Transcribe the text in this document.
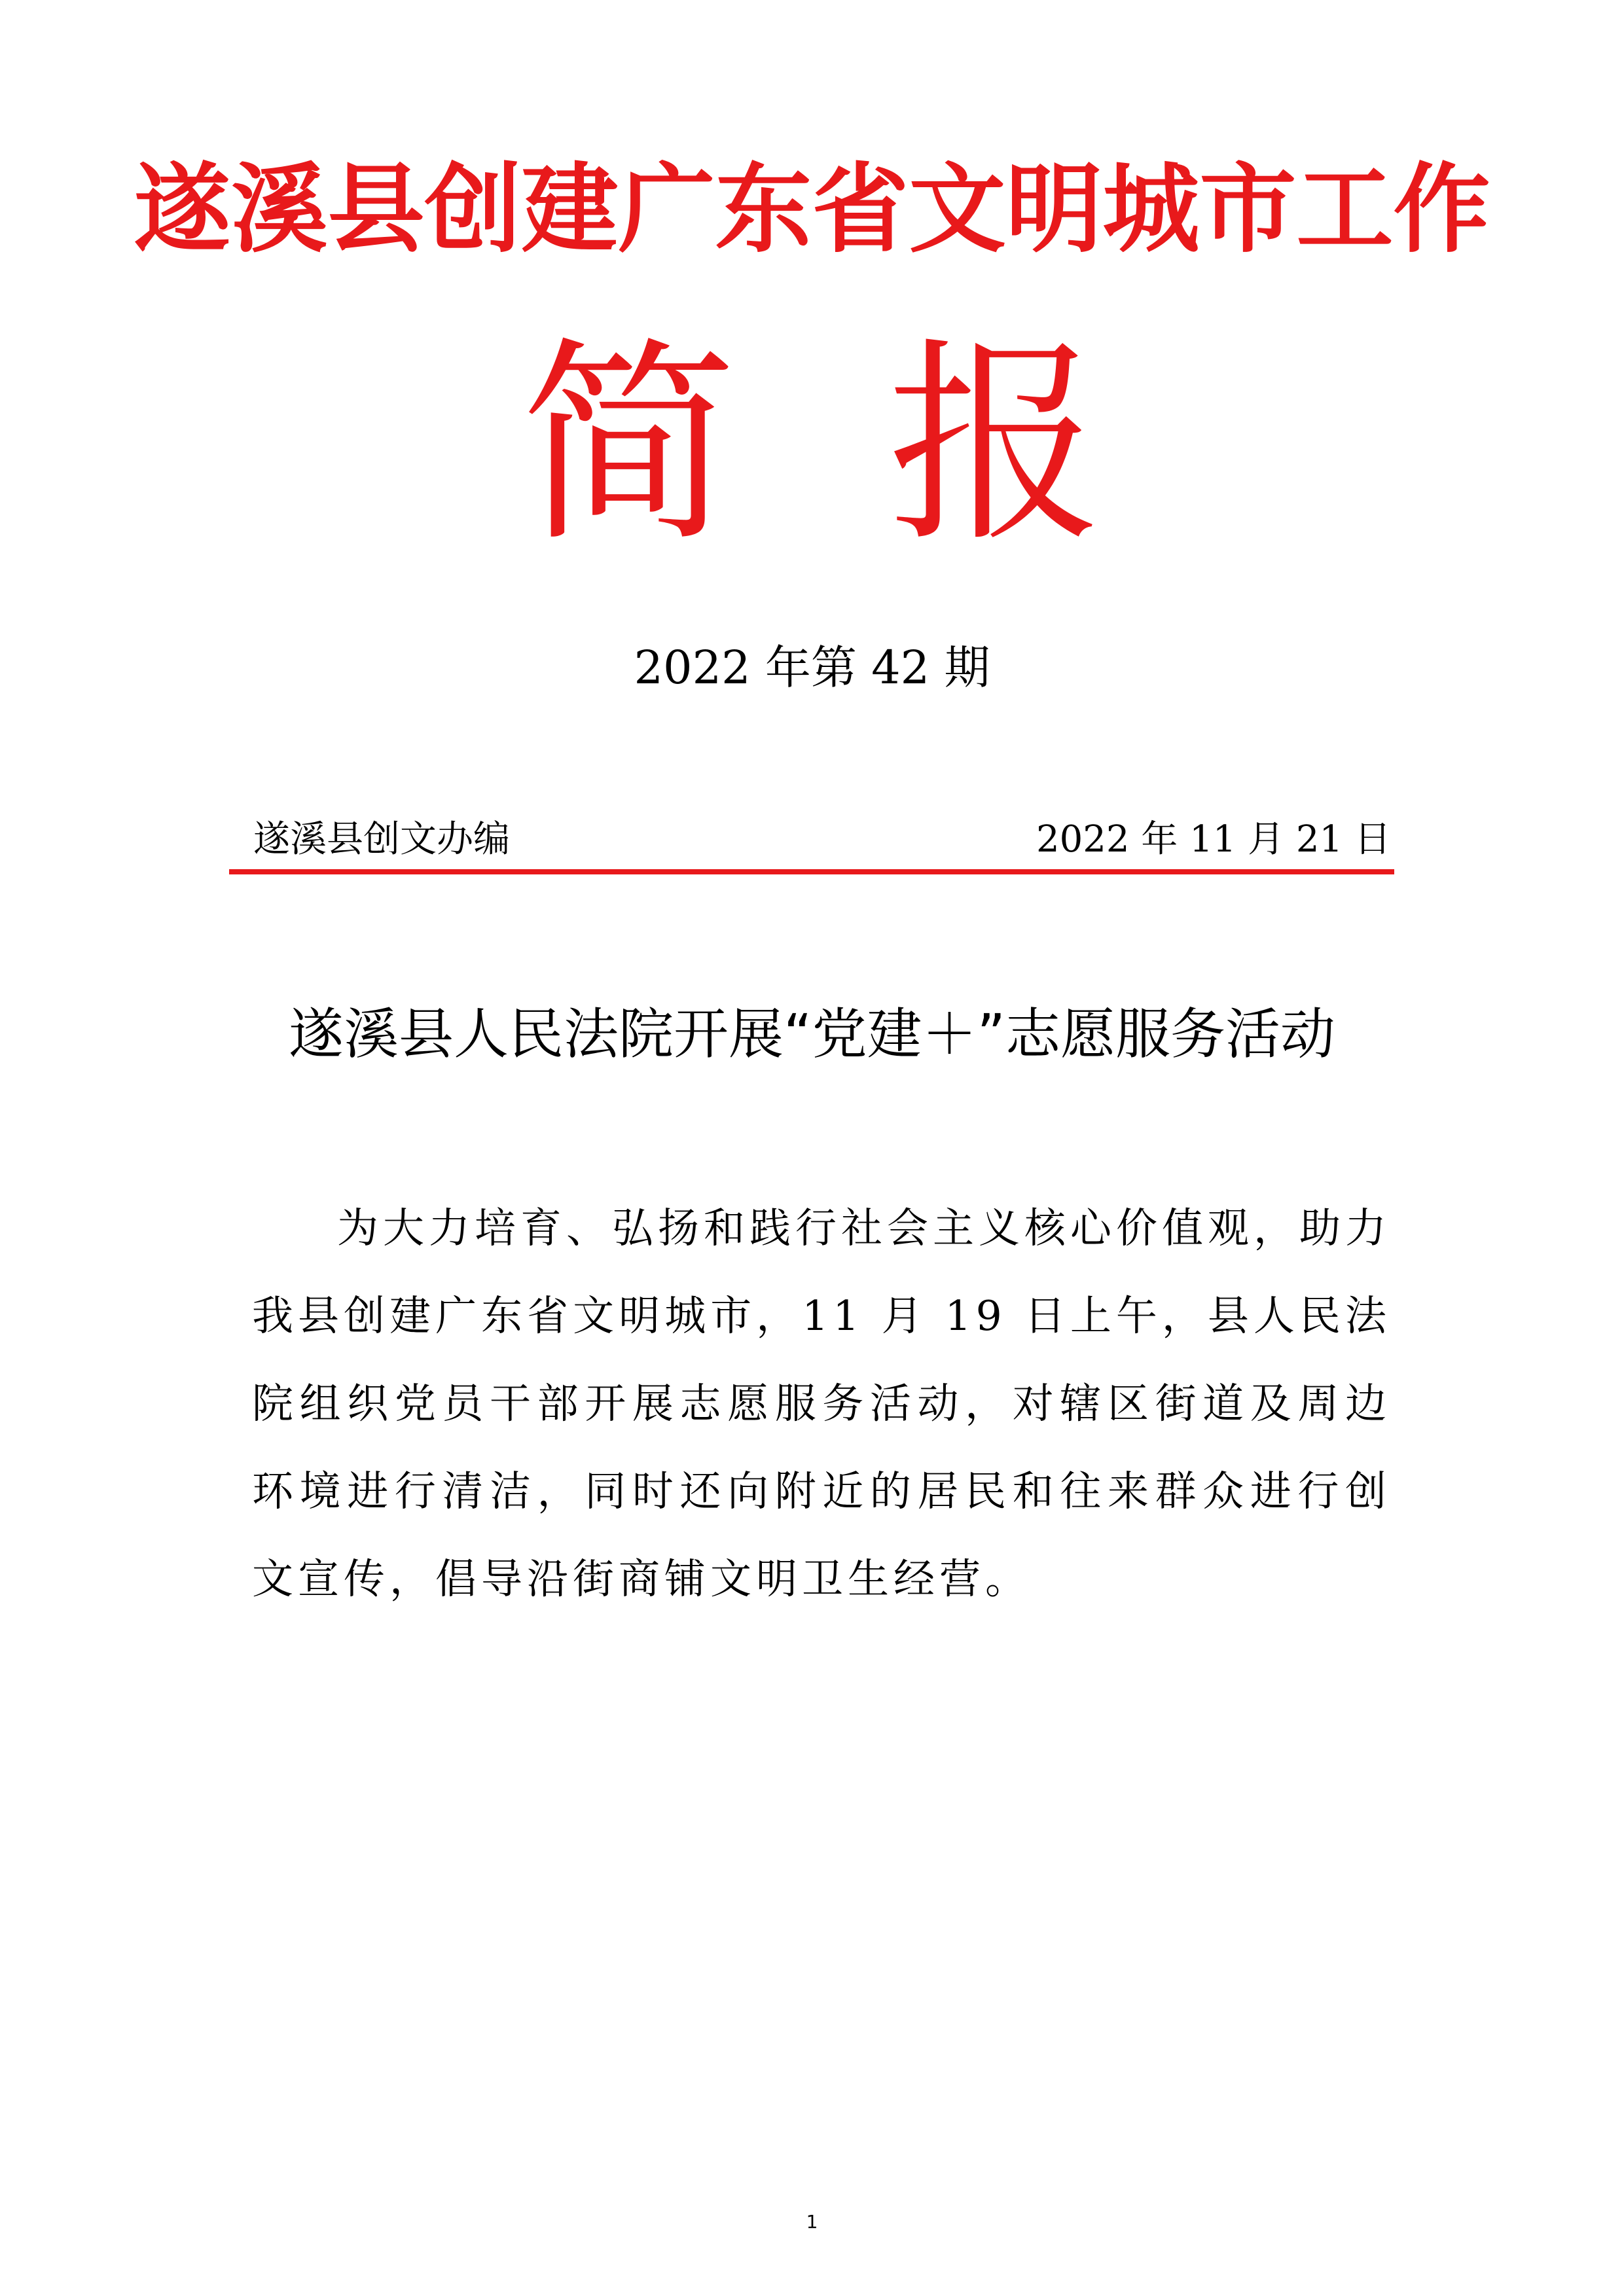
遂溪县创建广东省文明城市工作
简 报
2022 年第 42 期
遂溪县创文办编	2022 年 11 月 21 日
遂溪县人民法院开展“党建＋”志愿服务活动

为大力培育、弘扬和践行社会主义核心价值观，助力我县创建广东省文明城市，11 月 19 日上午，县人民法院组织党员干部开展志愿服务活动，对辖区街道及周边环境进行清洁，同时还向附近的居民和往来群众进行创文宣传，倡导沿街商铺文明卫生经营。

1
